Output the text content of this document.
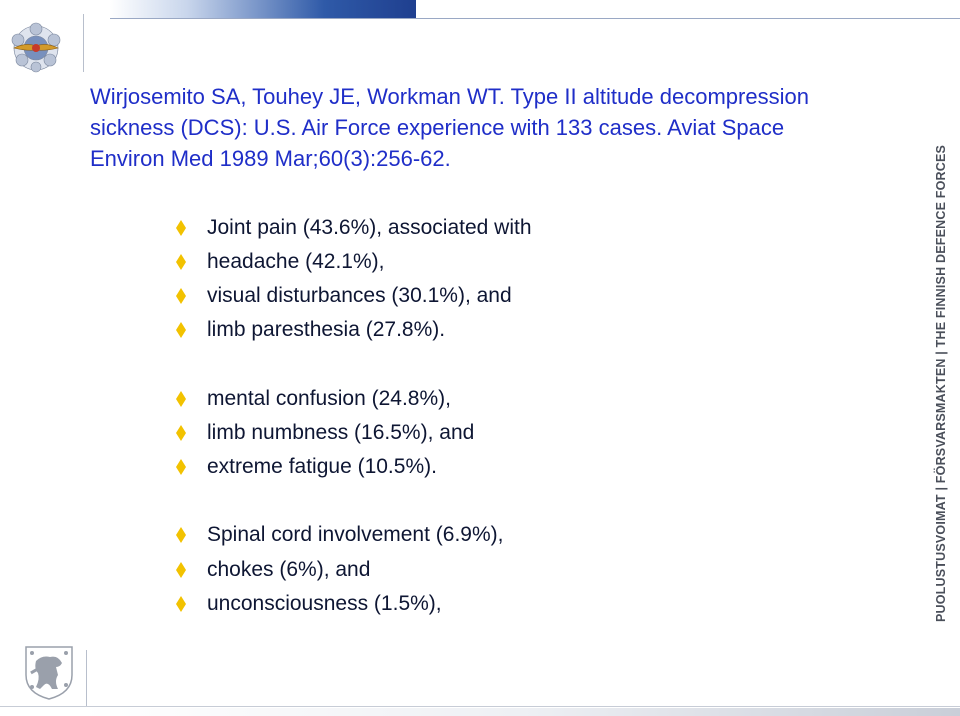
Wirjosemito SA, Touhey JE, Workman WT. Type II altitude decompression
sickness (DCS): U.S. Air Force experience with 133 cases. Aviat Space
Environ Med 1989 Mar;60(3):256-62.
Joint pain (43.6%), associated with
headache (42.1%),
visual disturbances (30.1%), and
limb paresthesia (27.8%).
mental confusion (24.8%),
limb numbness (16.5%), and
extreme fatigue (10.5%).
Spinal cord involvement (6.9%),
chokes (6%), and
unconsciousness (1.5%),	PUOLUSTUSVOIMAT | FÖRSVARSMAKTEN | THE FINNISH DEFENCE FORCES
